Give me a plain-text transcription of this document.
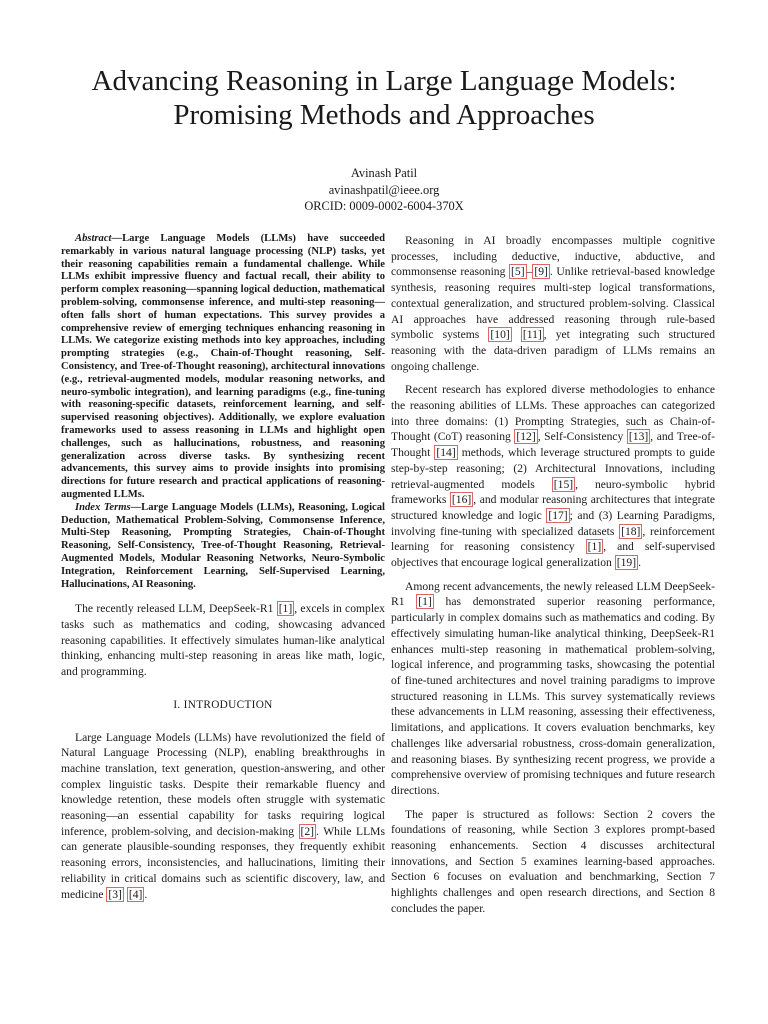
Advancing Reasoning in Large Language Models:
Promising Methods and Approaches
Avinash Patil
avinashpatil@ieee.org
ORCID: 0009-0002-6004-370X
Abstract—Large Language Models (LLMs) have succeeded remarkably in various natural language processing (NLP) tasks, yet their reasoning capabilities remain a fundamental challenge. While LLMs exhibit impressive fluency and factual recall, their ability to perform complex reasoning—spanning logical deduction, mathematical problem-solving, commonsense inference, and multi-step reasoning—often falls short of human expectations. This survey provides a comprehensive review of emerging techniques enhancing reasoning in LLMs. We categorize existing methods into key approaches, including prompting strategies (e.g., Chain-of-Thought reasoning, Self-Consistency, and Tree-of-Thought reasoning), architectural innovations (e.g., retrieval-augmented models, modular reasoning networks, and neuro-symbolic integration), and learning paradigms (e.g., fine-tuning with reasoning-specific datasets, reinforcement learning, and self-supervised reasoning objectives). Additionally, we explore evaluation frameworks used to assess reasoning in LLMs and highlight open challenges, such as hallucinations, robustness, and reasoning generalization across diverse tasks. By synthesizing recent advancements, this survey aims to provide insights into promising directions for future research and practical applications of reasoning-augmented LLMs.
Index Terms—Large Language Models (LLMs), Reasoning, Logical Deduction, Mathematical Problem-Solving, Commonsense Inference, Multi-Step Reasoning, Prompting Strategies, Chain-of-Thought Reasoning, Self-Consistency, Tree-of-Thought Reasoning, Retrieval-Augmented Models, Modular Reasoning Networks, Neuro-Symbolic Integration, Reinforcement Learning, Self-Supervised Learning, Hallucinations, AI Reasoning.

The recently released LLM, DeepSeek-R1 [1] , excels in complex tasks such as mathematics and coding, showcasing advanced reasoning capabilities. It effectively simulates human-like analytical thinking, enhancing multi-step reasoning in areas like math, logic, and programming.

I. INTRODUCTION

Large Language Models (LLMs) have revolutionized the field of Natural Language Processing (NLP), enabling breakthroughs in machine translation, text generation, question-answering, and other complex linguistic tasks. Despite their remarkable fluency and knowledge retention, these models often struggle with systematic reasoning—an essential capability for tasks requiring logical inference, problem-solving, and decision-making [2] . While LLMs can generate plausible-sounding responses, they frequently exhibit reasoning errors, inconsistencies, and hallucinations, limiting their reliability in critical domains such as scientific discovery, law, and medicine [3] [4] .

Reasoning in AI broadly encompasses multiple cognitive processes, including deductive, inductive, abductive, and commonsense reasoning [5] – [9] . Unlike retrieval-based knowledge synthesis, reasoning requires multi-step logical transformations, contextual generalization, and structured problem-solving. Classical AI approaches have addressed reasoning through rule-based symbolic systems [10] [11] , yet integrating such structured reasoning with the data-driven paradigm of LLMs remains an ongoing challenge.

Recent research has explored diverse methodologies to enhance the reasoning abilities of LLMs. These approaches can categorized into three domains: (1) Prompting Strategies, such as Chain-of-Thought (CoT) reasoning [12] , Self-Consistency [13] , and Tree-of-Thought [14] methods, which leverage structured prompts to guide step-by-step reasoning; (2) Architectural Innovations, including retrieval-augmented models [15] , neuro-symbolic hybrid frameworks [16] , and modular reasoning architectures that integrate structured knowledge and logic [17] ; and (3) Learning Paradigms, involving fine-tuning with specialized datasets [18] , reinforcement learning for reasoning consistency [1] , and self-supervised objectives that encourage logical generalization [19] .

Among recent advancements, the newly released LLM DeepSeek-R1 [1] has demonstrated superior reasoning performance, particularly in complex domains such as mathematics and coding. By effectively simulating human-like analytical thinking, DeepSeek-R1 enhances multi-step reasoning in mathematical problem-solving, logical inference, and programming tasks, showcasing the potential of fine-tuned architectures and novel training paradigms to improve structured reasoning in LLMs. This survey systematically reviews these advancements in LLM reasoning, assessing their effectiveness, limitations, and applications. It covers evaluation benchmarks, key challenges like adversarial robustness, cross-domain generalization, and reasoning biases. By synthesizing recent progress, we provide a comprehensive overview of promising techniques and future research directions.

The paper is structured as follows: Section 2 covers the foundations of reasoning, while Section 3 explores prompt-based reasoning enhancements. Section 4 discusses architectural innovations, and Section 5 examines learning-based approaches. Section 6 focuses on evaluation and benchmarking, Section 7 highlights challenges and open research directions, and Section 8 concludes the paper.
